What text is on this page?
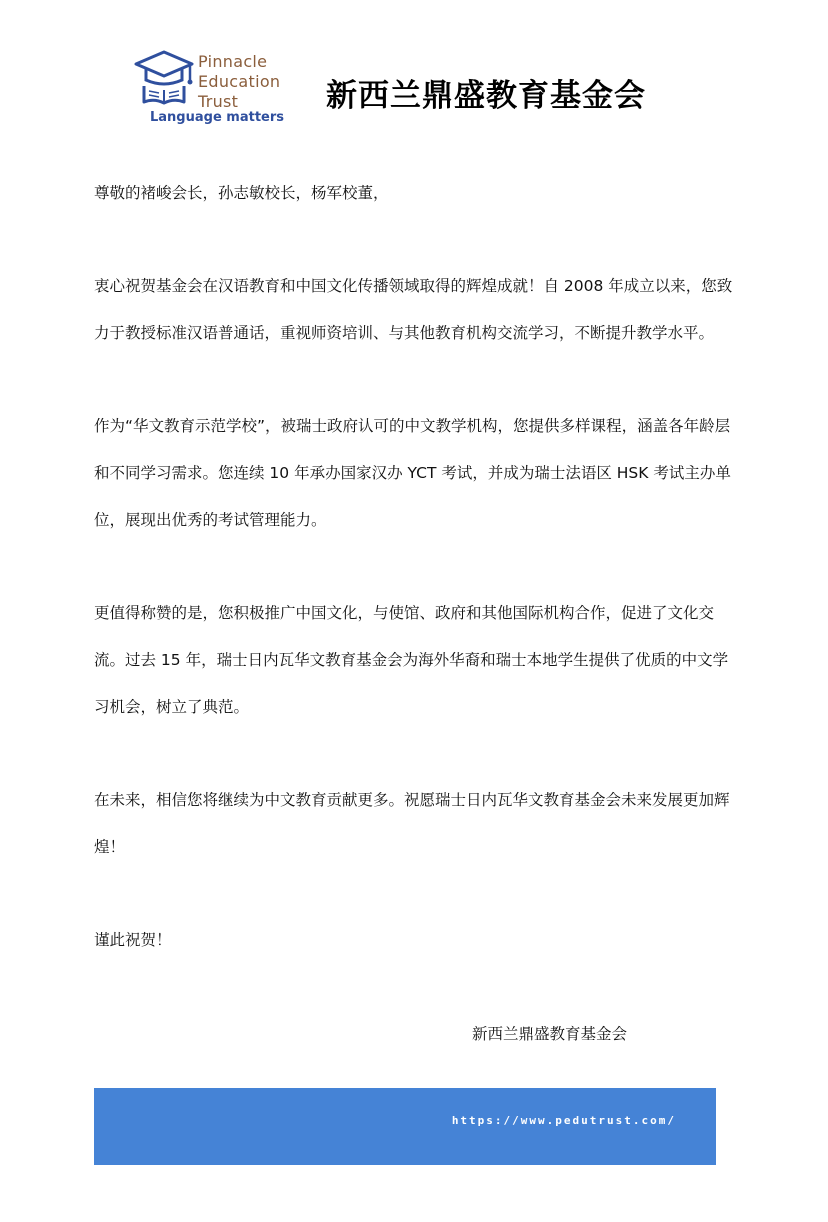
Pinnacle
Education
Trust
Language matters
新西兰鼎盛教育基金会

尊敬的褚峻会长，孙志敏校长，杨军校董，

衷心祝贺基金会在汉语教育和中国文化传播领域取得的辉煌成就！自 2008 年成立以来，您致力于教授标准汉语普通话，重视师资培训、与其他教育机构交流学习，不断提升教学水平。

作为“华文教育示范学校”，被瑞士政府认可的中文教学机构，您提供多样课程，涵盖各年龄层和不同学习需求。您连续 10 年承办国家汉办 YCT 考试，并成为瑞士法语区 HSK 考试主办单位，展现出优秀的考试管理能力。

更值得称赞的是，您积极推广中国文化，与使馆、政府和其他国际机构合作，促进了文化交流。过去 15 年，瑞士日内瓦华文教育基金会为海外华裔和瑞士本地学生提供了优质的中文学习机会，树立了典范。

在未来，相信您将继续为中文教育贡献更多。祝愿瑞士日内瓦华文教育基金会未来发展更加辉煌！

谨此祝贺！

新西兰鼎盛教育基金会
https://www.pedutrust.com/
